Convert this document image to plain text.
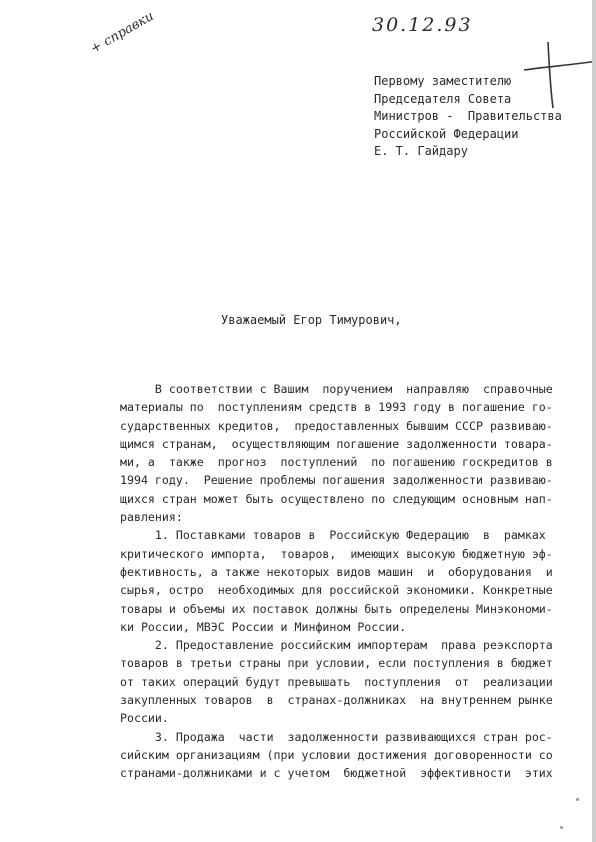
30.12.93
+ справки
Первому заместителю
Председателя Совета
Министров -  Правительства
Российской Федерации
Е. Т. Гайдару
Уважаемый Егор Тимурович,
В соответствии с Вашим  поручением  направляю  справочные
материалы по  поступлениям средств в 1993 году в погашение го-
сударственных кредитов,  предоставленных бывшим СССР развиваю-
щимся странам,  осуществляющим погашение задолженности товара-
ми, а  также  прогноз  поступлений  по погашению госкредитов в
1994 году.  Решение проблемы погашения задолженности развиваю-
щихся стран может быть осуществлено по следующим основным нап-
равления:
1. Поставками товаров в  Российскую Федерацию  в  рамках
критического импорта,  товаров,  имеющих высокую бюджетную эф-
фективность, а также некоторых видов машин  и  оборудования  и
сырья, остро  необходимых для российской экономики. Конкретные
товары и объемы их поставок должны быть определены Минэкономи-
ки России, МВЭС России и Минфином России.
2. Предоставление российским импортерам  права реэкспорта
товаров в третьи страны при условии, если поступления в бюджет
от таких операций будут превышать  поступления  от  реализации
закупленных товаров  в  странах-должниках  на внутреннем рынке
России.
3. Продажа  части  задолженности развивающихся стран рос-
сийским организациям (при условии достижения договоренности со
странами-должниками и с учетом  бюджетной  эффективности  этих
